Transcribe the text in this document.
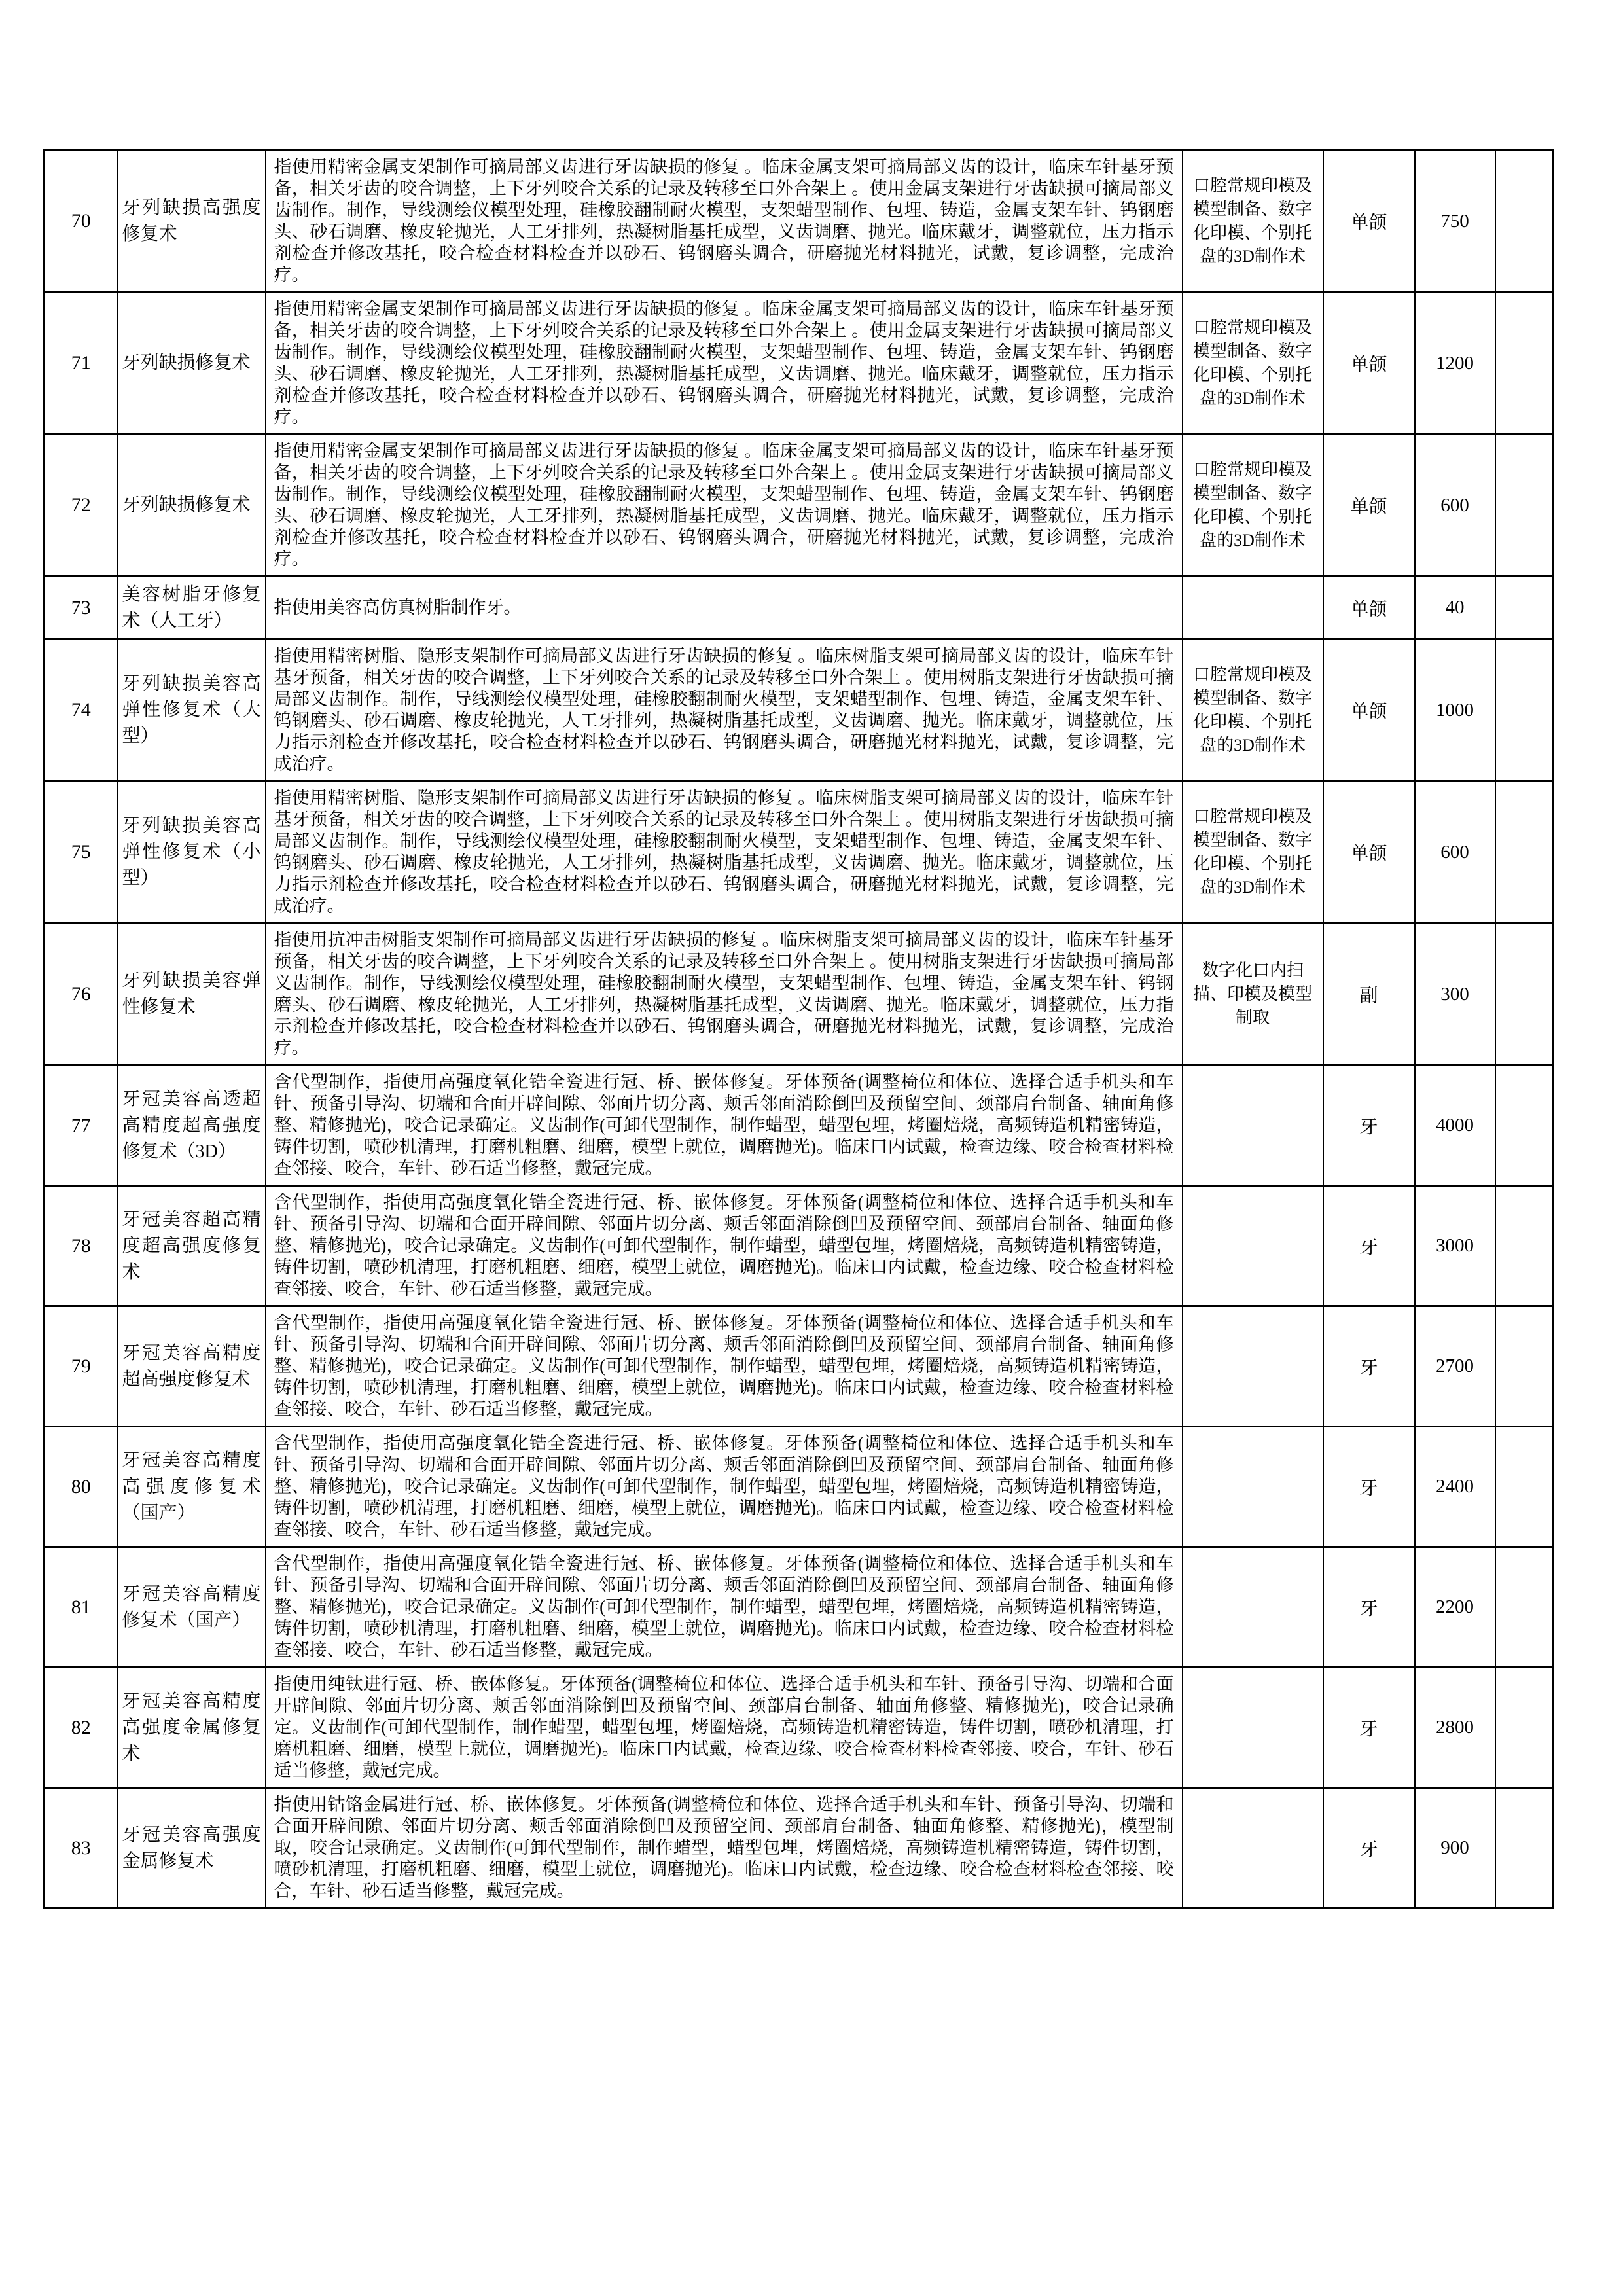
70	牙列缺损高强度修复术	指使用精密金属支架制作可摘局部义齿进行牙齿缺损的修复 。临床金属支架可摘局部义齿的设计，临床车针基牙预备，相关牙齿的咬合调整，上下牙列咬合关系的记录及转移至口外合架上 。使用金属支架进行牙齿缺损可摘局部义齿制作。制作，导线测绘仪模型处理，硅橡胶翻制耐火模型，支架蜡型制作、包埋、铸造，金属支架车针、钨钢磨头、砂石调磨、橡皮轮抛光，人工牙排列，热凝树脂基托成型，义齿调磨、抛光。临床戴牙，调整就位，压力指示剂检查并修改基托，咬合检查材料检查并以砂石、钨钢磨头调合，研磨抛光材料抛光，试戴，复诊调整，完成治疗。	口腔常规印模及模型制备、数字化印模、个别托盘的3D制作术	单颌	750	
71	牙列缺损修复术	指使用精密金属支架制作可摘局部义齿进行牙齿缺损的修复 。临床金属支架可摘局部义齿的设计，临床车针基牙预备，相关牙齿的咬合调整，上下牙列咬合关系的记录及转移至口外合架上 。使用金属支架进行牙齿缺损可摘局部义齿制作。制作，导线测绘仪模型处理，硅橡胶翻制耐火模型，支架蜡型制作、包埋、铸造，金属支架车针、钨钢磨头、砂石调磨、橡皮轮抛光，人工牙排列，热凝树脂基托成型，义齿调磨、抛光。临床戴牙，调整就位，压力指示剂检查并修改基托，咬合检查材料检查并以砂石、钨钢磨头调合，研磨抛光材料抛光，试戴，复诊调整，完成治疗。	口腔常规印模及模型制备、数字化印模、个别托盘的3D制作术	单颌	1200	
72	牙列缺损修复术	指使用精密金属支架制作可摘局部义齿进行牙齿缺损的修复 。临床金属支架可摘局部义齿的设计，临床车针基牙预备，相关牙齿的咬合调整，上下牙列咬合关系的记录及转移至口外合架上 。使用金属支架进行牙齿缺损可摘局部义齿制作。制作，导线测绘仪模型处理，硅橡胶翻制耐火模型，支架蜡型制作、包埋、铸造，金属支架车针、钨钢磨头、砂石调磨、橡皮轮抛光，人工牙排列，热凝树脂基托成型，义齿调磨、抛光。临床戴牙，调整就位，压力指示剂检查并修改基托，咬合检查材料检查并以砂石、钨钢磨头调合，研磨抛光材料抛光，试戴，复诊调整，完成治疗。	口腔常规印模及模型制备、数字化印模、个别托盘的3D制作术	单颌	600	
73	美容树脂牙修复术（人工牙）	指使用美容高仿真树脂制作牙。		单颌	40	
74	牙列缺损美容高弹性修复术（大型）	指使用精密树脂、隐形支架制作可摘局部义齿进行牙齿缺损的修复 。临床树脂支架可摘局部义齿的设计，临床车针基牙预备，相关牙齿的咬合调整，上下牙列咬合关系的记录及转移至口外合架上 。使用树脂支架进行牙齿缺损可摘局部义齿制作。制作，导线测绘仪模型处理，硅橡胶翻制耐火模型，支架蜡型制作、包埋、铸造，金属支架车针、钨钢磨头、砂石调磨、橡皮轮抛光，人工牙排列，热凝树脂基托成型，义齿调磨、抛光。临床戴牙，调整就位，压力指示剂检查并修改基托，咬合检查材料检查并以砂石、钨钢磨头调合，研磨抛光材料抛光，试戴，复诊调整，完成治疗。	口腔常规印模及模型制备、数字化印模、个别托盘的3D制作术	单颌	1000	
75	牙列缺损美容高弹性修复术（小型）	指使用精密树脂、隐形支架制作可摘局部义齿进行牙齿缺损的修复 。临床树脂支架可摘局部义齿的设计，临床车针基牙预备，相关牙齿的咬合调整，上下牙列咬合关系的记录及转移至口外合架上 。使用树脂支架进行牙齿缺损可摘局部义齿制作。制作，导线测绘仪模型处理，硅橡胶翻制耐火模型，支架蜡型制作、包埋、铸造，金属支架车针、钨钢磨头、砂石调磨、橡皮轮抛光，人工牙排列，热凝树脂基托成型，义齿调磨、抛光。临床戴牙，调整就位，压力指示剂检查并修改基托，咬合检查材料检查并以砂石、钨钢磨头调合，研磨抛光材料抛光，试戴，复诊调整，完成治疗。	口腔常规印模及模型制备、数字化印模、个别托盘的3D制作术	单颌	600	
76	牙列缺损美容弹性修复术	指使用抗冲击树脂支架制作可摘局部义齿进行牙齿缺损的修复 。临床树脂支架可摘局部义齿的设计，临床车针基牙预备，相关牙齿的咬合调整，上下牙列咬合关系的记录及转移至口外合架上 。使用树脂支架进行牙齿缺损可摘局部义齿制作。制作，导线测绘仪模型处理，硅橡胶翻制耐火模型，支架蜡型制作、包埋、铸造，金属支架车针、钨钢磨头、砂石调磨、橡皮轮抛光，人工牙排列，热凝树脂基托成型，义齿调磨、抛光。临床戴牙，调整就位，压力指示剂检查并修改基托，咬合检查材料检查并以砂石、钨钢磨头调合，研磨抛光材料抛光，试戴，复诊调整，完成治疗。	数字化口内扫描、印模及模型制取	副	300	
77	牙冠美容高透超高精度超高强度修复术（3D）	含代型制作，指使用高强度氧化锆全瓷进行冠、桥、嵌体修复。牙体预备(调整椅位和体位、选择合适手机头和车针、预备引导沟、切端和合面开辟间隙、邻面片切分离、颊舌邻面消除倒凹及预留空间、颈部肩台制备、轴面角修整、精修抛光)，咬合记录确定。义齿制作(可卸代型制作，制作蜡型，蜡型包埋，烤圈焙烧，高频铸造机精密铸造，铸件切割，喷砂机清理，打磨机粗磨、细磨，模型上就位，调磨抛光)。临床口内试戴，检查边缘、咬合检查材料检查邻接、咬合，车针、砂石适当修整，戴冠完成。		牙	4000	
78	牙冠美容超高精度超高强度修复术	含代型制作，指使用高强度氧化锆全瓷进行冠、桥、嵌体修复。牙体预备(调整椅位和体位、选择合适手机头和车针、预备引导沟、切端和合面开辟间隙、邻面片切分离、颊舌邻面消除倒凹及预留空间、颈部肩台制备、轴面角修整、精修抛光)，咬合记录确定。义齿制作(可卸代型制作，制作蜡型，蜡型包埋，烤圈焙烧，高频铸造机精密铸造，铸件切割，喷砂机清理，打磨机粗磨、细磨，模型上就位，调磨抛光)。临床口内试戴，检查边缘、咬合检查材料检查邻接、咬合，车针、砂石适当修整，戴冠完成。		牙	3000	
79	牙冠美容高精度超高强度修复术	含代型制作，指使用高强度氧化锆全瓷进行冠、桥、嵌体修复。牙体预备(调整椅位和体位、选择合适手机头和车针、预备引导沟、切端和合面开辟间隙、邻面片切分离、颊舌邻面消除倒凹及预留空间、颈部肩台制备、轴面角修整、精修抛光)，咬合记录确定。义齿制作(可卸代型制作，制作蜡型，蜡型包埋，烤圈焙烧，高频铸造机精密铸造，铸件切割，喷砂机清理，打磨机粗磨、细磨，模型上就位，调磨抛光)。临床口内试戴，检查边缘、咬合检查材料检查邻接、咬合，车针、砂石适当修整，戴冠完成。		牙	2700	
80	牙冠美容高精度高强度修复术（国产）	含代型制作，指使用高强度氧化锆全瓷进行冠、桥、嵌体修复。牙体预备(调整椅位和体位、选择合适手机头和车针、预备引导沟、切端和合面开辟间隙、邻面片切分离、颊舌邻面消除倒凹及预留空间、颈部肩台制备、轴面角修整、精修抛光)，咬合记录确定。义齿制作(可卸代型制作，制作蜡型，蜡型包埋，烤圈焙烧，高频铸造机精密铸造，铸件切割，喷砂机清理，打磨机粗磨、细磨，模型上就位，调磨抛光)。临床口内试戴，检查边缘、咬合检查材料检查邻接、咬合，车针、砂石适当修整，戴冠完成。		牙	2400	
81	牙冠美容高精度修复术（国产）	含代型制作，指使用高强度氧化锆全瓷进行冠、桥、嵌体修复。牙体预备(调整椅位和体位、选择合适手机头和车针、预备引导沟、切端和合面开辟间隙、邻面片切分离、颊舌邻面消除倒凹及预留空间、颈部肩台制备、轴面角修整、精修抛光)，咬合记录确定。义齿制作(可卸代型制作，制作蜡型，蜡型包埋，烤圈焙烧，高频铸造机精密铸造，铸件切割，喷砂机清理，打磨机粗磨、细磨，模型上就位，调磨抛光)。临床口内试戴，检查边缘、咬合检查材料检查邻接、咬合，车针、砂石适当修整，戴冠完成。		牙	2200	
82	牙冠美容高精度高强度金属修复术	指使用纯钛进行冠、桥、嵌体修复。牙体预备(调整椅位和体位、选择合适手机头和车针、预备引导沟、切端和合面开辟间隙、邻面片切分离、颊舌邻面消除倒凹及预留空间、颈部肩台制备、轴面角修整、精修抛光)，咬合记录确定。义齿制作(可卸代型制作，制作蜡型，蜡型包埋，烤圈焙烧，高频铸造机精密铸造，铸件切割，喷砂机清理，打磨机粗磨、细磨，模型上就位，调磨抛光)。临床口内试戴，检查边缘、咬合检查材料检查邻接、咬合，车针、砂石适当修整，戴冠完成。		牙	2800	
83	牙冠美容高强度金属修复术	指使用钴铬金属进行冠、桥、嵌体修复。牙体预备(调整椅位和体位、选择合适手机头和车针、预备引导沟、切端和合面开辟间隙、邻面片切分离、颊舌邻面消除倒凹及预留空间、颈部肩台制备、轴面角修整、精修抛光)，模型制取，咬合记录确定。义齿制作(可卸代型制作，制作蜡型，蜡型包埋，烤圈焙烧，高频铸造机精密铸造，铸件切割，喷砂机清理，打磨机粗磨、细磨，模型上就位，调磨抛光)。临床口内试戴，检查边缘、咬合检查材料检查邻接、咬合，车针、砂石适当修整，戴冠完成。		牙	900	
